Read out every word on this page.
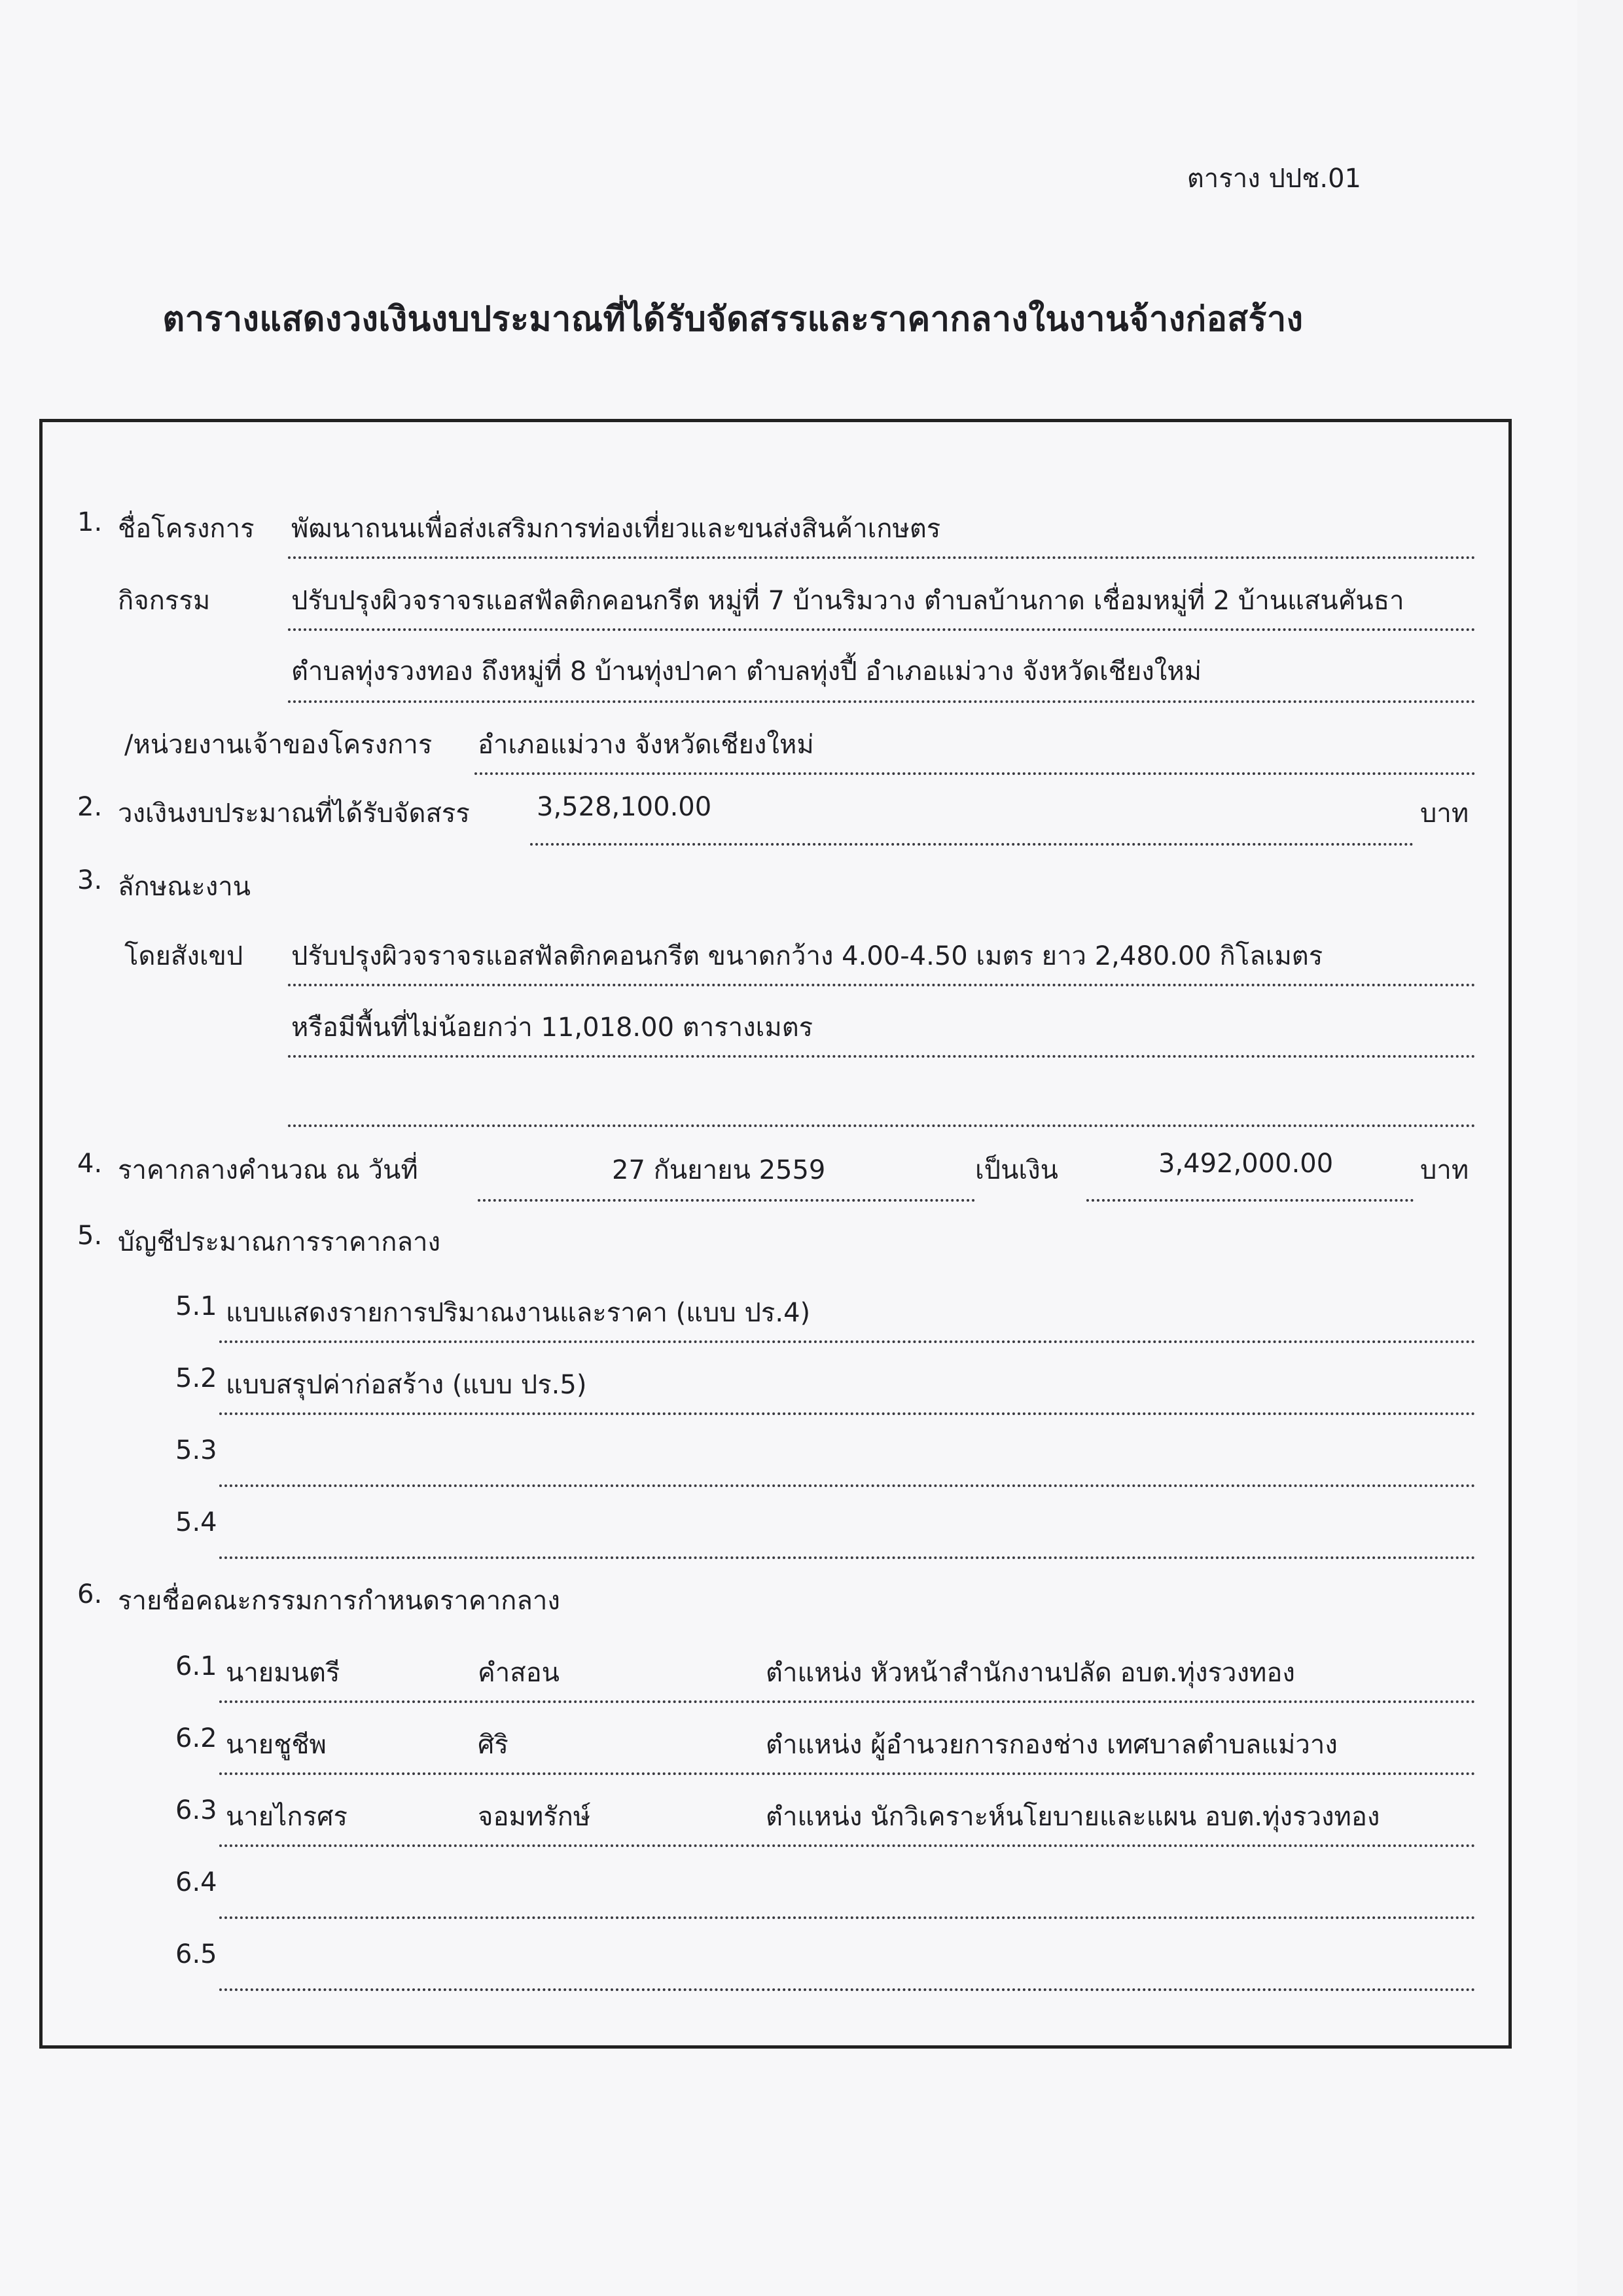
ตาราง ปปช.01
ตารางแสดงวงเงินงบประมาณที่ได้รับจัดสรรและราคากลางในงานจ้างก่อสร้าง
1. ชื่อโครงการ พัฒนาถนนเพื่อส่งเสริมการท่องเที่ยวและขนส่งสินค้าเกษตร
กิจกรรม	ปรับปรุงผิวจราจรแอสฟัลติกคอนกรีต หมู่ที่ 7 บ้านริมวาง ตำบลบ้านกาด เชื่อมหมู่ที่ 2 บ้านแสนคันธา
ตำบลทุ่งรวงทอง ถึงหมู่ที่ 8 บ้านทุ่งปาคา ตำบลทุ่งปี้ อำเภอแม่วาง จังหวัดเชียงใหม่
/หน่วยงานเจ้าของโครงการ อำเภอแม่วาง จังหวัดเชียงใหม่
2. วงเงินงบประมาณที่ได้รับจัดสรร	3,528,100.00	บาท
3. ลักษณะงาน
โดยสังเขป ปรับปรุงผิวจราจรแอสฟัลติกคอนกรีต ขนาดกว้าง 4.00-4.50 เมตร ยาว 2,480.00 กิโลเมตร
หรือมีพื้นที่ไม่น้อยกว่า 11,018.00 ตารางเมตร
4. ราคากลางคำนวณ ณ วันที่	27 กันยายน 2559	เป็นเงิน	3,492,000.00	บาท
5. บัญชีประมาณการราคากลาง
5.1 แบบแสดงรายการปริมาณงานและราคา (แบบ ปร.4)
5.2 แบบสรุปค่าก่อสร้าง (แบบ ปร.5)
5.3
5.4
6. รายชื่อคณะกรรมการกำหนดราคากลาง
6.1 นายมนตรี	คำสอน	ตำแหน่ง หัวหน้าสำนักงานปลัด อบต.ทุ่งรวงทอง
6.2 นายชูชีพ	ศิริ	ตำแหน่ง ผู้อำนวยการกองช่าง เทศบาลตำบลแม่วาง
6.3 นายไกรศร	จอมทรักษ์	ตำแหน่ง นักวิเคราะห์นโยบายและแผน อบต.ทุ่งรวงทอง
6.4
6.5
